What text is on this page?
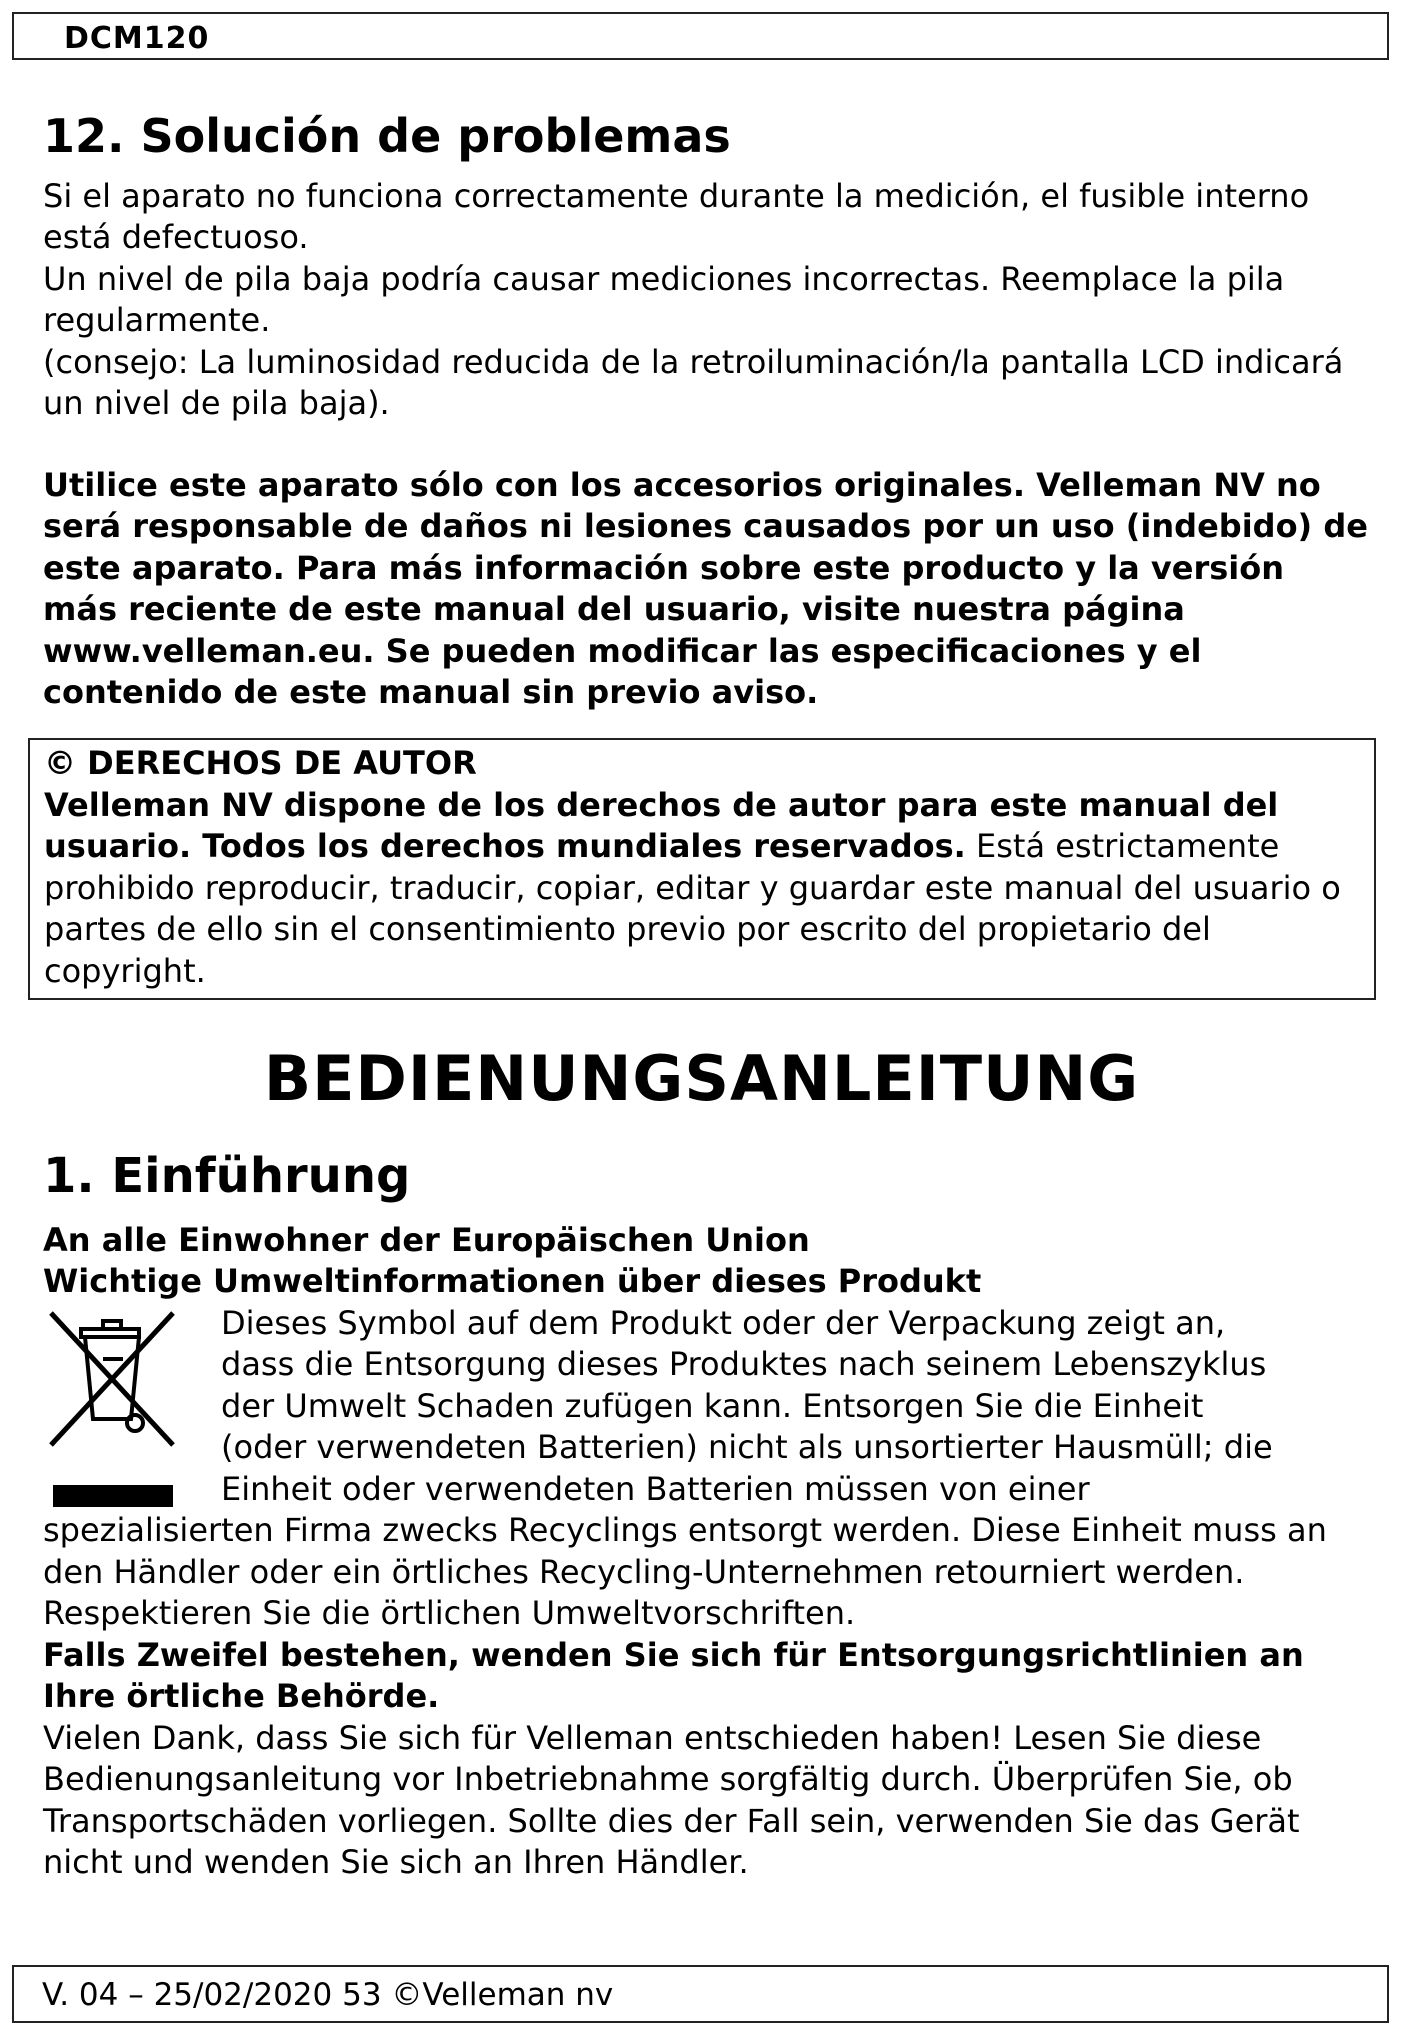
DCM120
12. Solución de problemas

Si el aparato no funciona correctamente durante la medición, el fusible interno está defectuoso.

Un nivel de pila baja podría causar mediciones incorrectas. Reemplace la pila regularmente.

(consejo: La luminosidad reducida de la retroiluminación/la pantalla LCD indicará un nivel de pila baja).

Utilice este aparato sólo con los accesorios originales. Velleman NV no será responsable de daños ni lesiones causados por un uso (indebido) de este aparato. Para más información sobre este producto y la versión más reciente de este manual del usuario, visite nuestra página www.velleman.eu. Se pueden modificar las especificaciones y el contenido de este manual sin previo aviso.

© DERECHOS DE AUTOR

Velleman NV dispone de los derechos de autor para este manual del usuario. Todos los derechos mundiales reservados. Está estrictamente prohibido reproducir, traducir, copiar, editar y guardar este manual del usuario o partes de ello sin el consentimiento previo por escrito del propietario del copyright.

BEDIENUNGSANLEITUNG
1. Einführung

An alle Einwohner der Europäischen Union

Wichtige Umweltinformationen über dieses Produkt

Dieses Symbol auf dem Produkt oder der Verpackung zeigt an,

dass die Entsorgung dieses Produktes nach seinem Lebenszyklus

der Umwelt Schaden zufügen kann. Entsorgen Sie die Einheit

(oder verwendeten Batterien) nicht als unsortierter Hausmüll; die

Einheit oder verwendeten Batterien müssen von einer

spezialisierten Firma zwecks Recyclings entsorgt werden. Diese Einheit muss an den Händler oder ein örtliches Recycling-Unternehmen retourniert werden. Respektieren Sie die örtlichen Umweltvorschriften.

Falls Zweifel bestehen, wenden Sie sich für Entsorgungsrichtlinien an Ihre örtliche Behörde.

Vielen Dank, dass Sie sich für Velleman entschieden haben! Lesen Sie diese Bedienungsanleitung vor Inbetriebnahme sorgfältig durch. Überprüfen Sie, ob Transportschäden vorliegen. Sollte dies der Fall sein, verwenden Sie das Gerät nicht und wenden Sie sich an Ihren Händler.

V. 04 – 25/02/2020 53 ©Velleman nv
